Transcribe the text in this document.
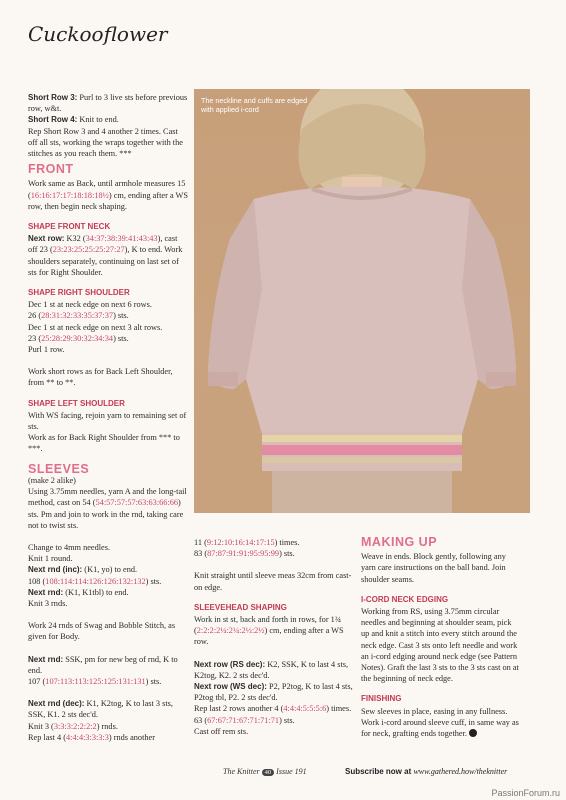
Cuckooflower

Short Row 3: Purl to 3 live sts before previous row, w&t.

Short Row 4: Knit to end.

Rep Short Row 3 and 4 another 2 times. Cast off all sts, working the wraps together with the stitches as you reach them. ***

FRONT

Work same as Back, until armhole measures 15 (16:16:17:17:18:18:18½) cm, ending after a WS row, then begin neck shaping.

SHAPE FRONT NECK

Next row: K32 (34:37:38:39:41:43:43), cast off 23 (23:23:25:25:25:27:27), K to end. Work shoulders separately, continuing on last set of sts for Right Shoulder.

SHAPE RIGHT SHOULDER

Dec 1 st at neck edge on next 6 rows.

26 (28:31:32:33:35:37:37) sts.

Dec 1 st at neck edge on next 3 alt rows.

23 (25:28:29:30:32:34:34) sts.

Purl 1 row.

Work short rows as for Back Left Shoulder, from ** to **.

SHAPE LEFT SHOULDER

With WS facing, rejoin yarn to remaining set of sts.

Work as for Back Right Shoulder from *** to ***.

SLEEVES

(make 2 alike)

Using 3.75mm needles, yarn A and the long-tail method, cast on 54 (54:57:57:57:63:63:66:66) sts. Pm and join to work in the rnd, taking care not to twist sts.

Change to 4mm needles.

Knit 1 round.

Next rnd (inc): (K1, yo) to end.

108 (108:114:114:126:126:132:132) sts.

Next rnd: (K1, K1tbl) to end.

Knit 3 rnds.

Work 24 rnds of Swag and Bobble Stitch, as given for Body.

Next rnd: SSK, pm for new beg of rnd, K to end.

107 (107:113:113:125:125:131:131) sts.

Next rnd (dec): K1, K2tog, K to last 3 sts, SSK, K1. 2 sts dec'd.

Knit 3 (3:3:3:2:2:2:2) rnds.

Rep last 4 (4:4:4:3:3:3:3) rnds another

The neckline and cuffs are edged with applied i-cord

11 (9:12:10:16:14:17:15) times.

83 (87:87:91:91:95:95:99) sts.

Knit straight until sleeve meas 32cm from cast-on edge.

SLEEVEHEAD SHAPING

Work in st st, back and forth in rows, for 1¾ (2:2:2:2¼:2¼:2½:2½) cm, ending after a WS row.

Next row (RS dec): K2, SSK, K to last 4 sts, K2tog, K2. 2 sts dec'd.

Next row (WS dec): P2, P2tog, K to last 4 sts, P2tog tbl, P2. 2 sts dec'd.

Rep last 2 rows another 4 (4:4:4:5:5:5:6) times.

63 (67:67:71:67:71:71:71) sts.

Cast off rem sts.

MAKING UP

Weave in ends. Block gently, following any yarn care instructions on the ball band. Join shoulder seams.

I-CORD NECK EDGING

Working from RS, using 3.75mm circular needles and beginning at shoulder seam, pick up and knit a stitch into every stitch around the neck edge. Cast 3 sts onto left needle and work an i-cord edging around neck edge (see Pattern Notes). Graft the last 3 sts to the 3 sts cast on at the beginning of neck edge.

FINISHING

Sew sleeves in place, easing in any fullness. Work i-cord around sleeve cuff, in same way as for neck, grafting ends together.

The Knitter 40 Issue 191	Subscribe now at www.gathered.how/theknitter
PassionForum.ru
